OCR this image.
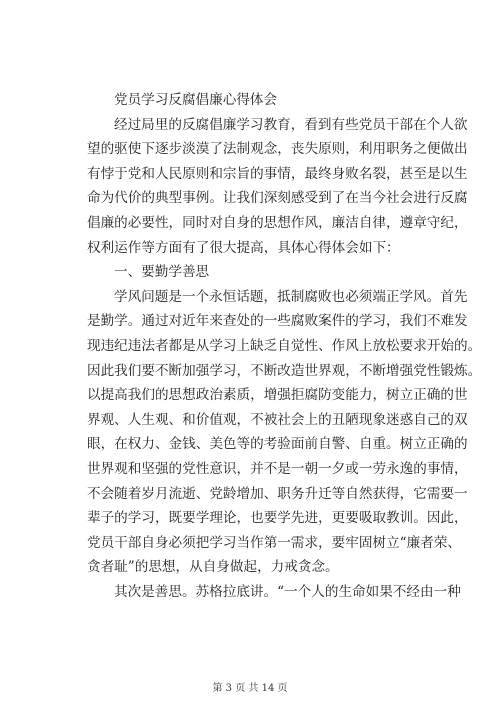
党员学习反腐倡廉心得体会
经过局里的反腐倡廉学习教育，看到有些党员干部在个人欲
望的驱使下逐步淡漠了法制观念，丧失原则，利用职务之便做出
有悖于党和人民原则和宗旨的事情，最终身败名裂，甚至是以生
命为代价的典型事例。让我们深刻感受到了在当今社会进行反腐
倡廉的必要性，同时对自身的思想作风，廉洁自律，遵章守纪，
权利运作等方面有了很大提高，具体心得体会如下：
一、要勤学善思
学风问题是一个永恒话题，抵制腐败也必须端正学风。首先
是勤学。通过对近年来查处的一些腐败案件的学习，我们不难发
现违纪违法者都是从学习上缺乏自觉性、作风上放松要求开始的。
因此我们要不断加强学习，不断改造世界观，不断增强党性锻炼。
以提高我们的思想政治素质，增强拒腐防变能力，树立正确的世
界观、人生观、和价值观，不被社会上的丑陋现象迷惑自己的双
眼，在权力、金钱、美色等的考验面前自警、自重。树立正确的
世界观和坚强的党性意识，并不是一朝一夕或一劳永逸的事情，
不会随着岁月流逝、党龄增加、职务升迁等自然获得，它需要一
辈子的学习，既要学理论，也要学先进，更要吸取教训。因此，
党员干部自身必须把学习当作第一需求，要牢固树立“廉者荣、
贪者耻”的思想，从自身做起，力戒贪念。
其次是善思。苏格拉底讲。“一个人的生命如果不经由一种
第 3 页 共 14 页
